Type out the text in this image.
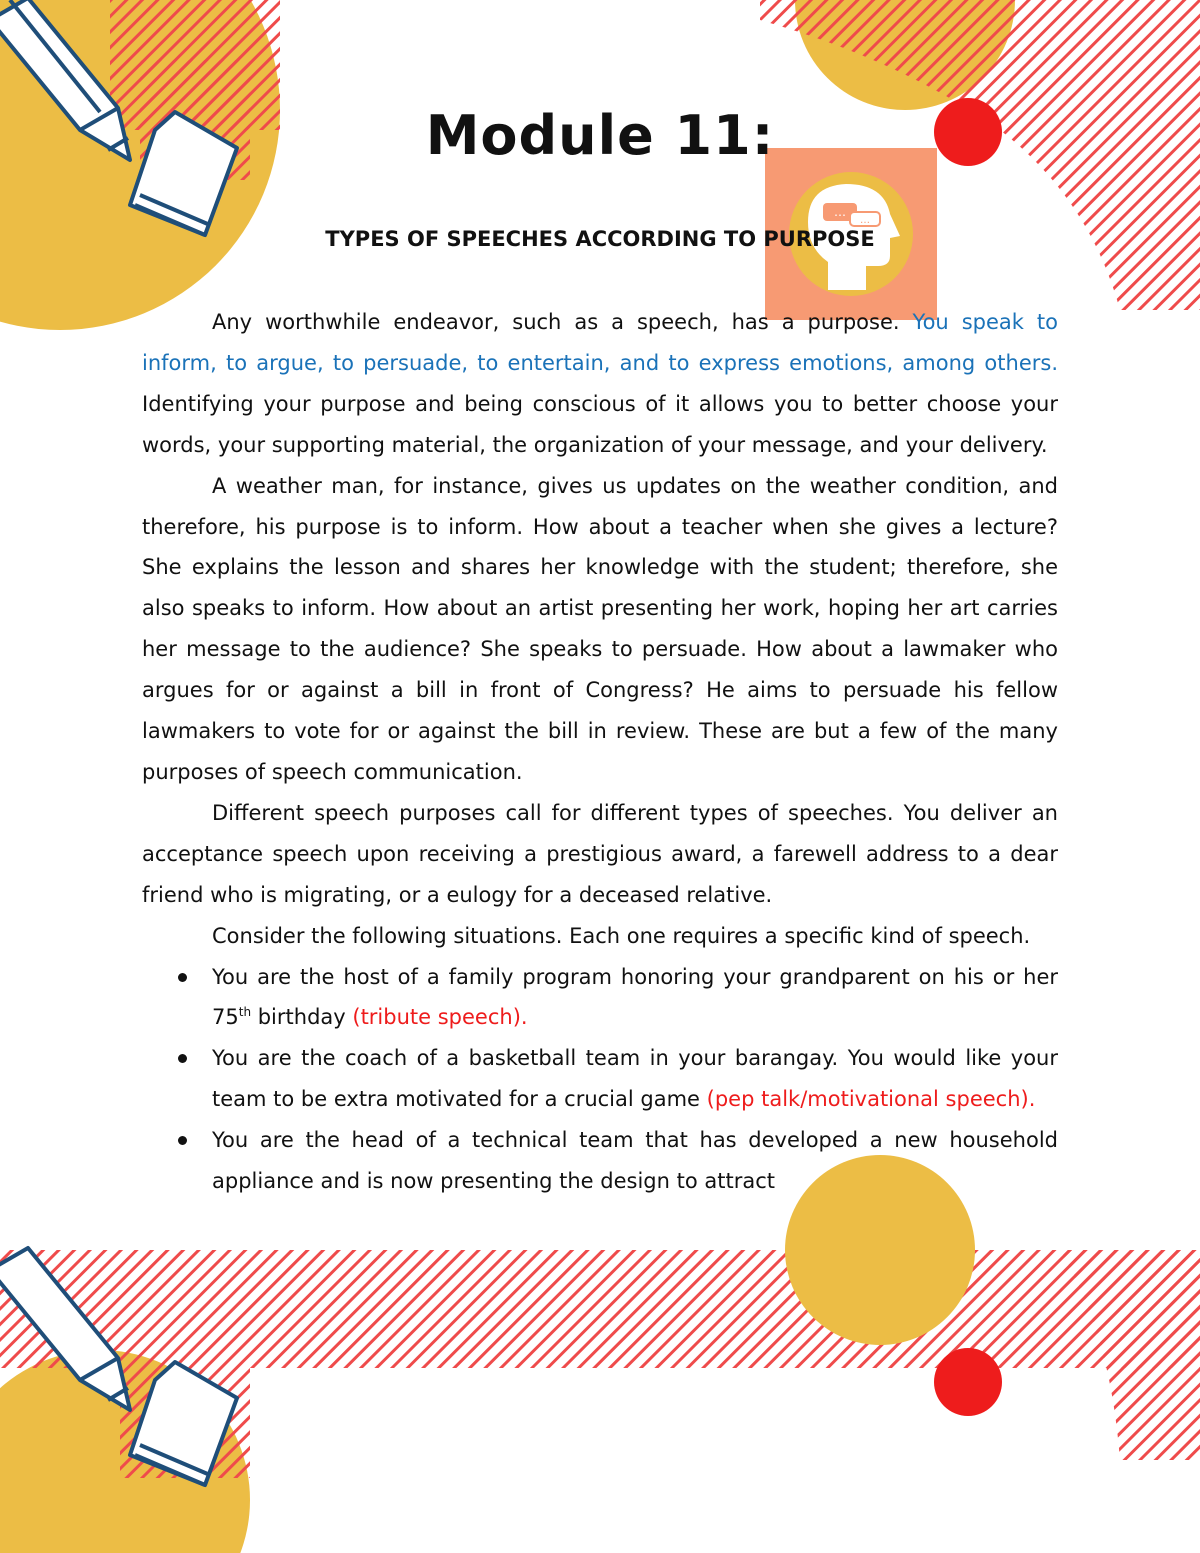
…
…
Module 11:
TYPES OF SPEECHES ACCORDING TO PURPOSE

Any worthwhile endeavor, such as a speech, has a purpose. You speak to inform, to argue, to persuade, to entertain, and to express emotions, among others. Identifying your purpose and being conscious of it allows you to better choose your words, your supporting material, the organization of your message, and your delivery.

A weather man, for instance, gives us updates on the weather condition, and therefore, his purpose is to inform. How about a teacher when she gives a lecture? She explains the lesson and shares her knowledge with the student; therefore, she also speaks to inform. How about an artist presenting her work, hoping her art carries her message to the audience? She speaks to persuade. How about a lawmaker who argues for or against a bill in front of Congress? He aims to persuade his fellow lawmakers to vote for or against the bill in review. These are but a few of the many purposes of speech communication.

Different speech purposes call for different types of speeches. You deliver an acceptance speech upon receiving a prestigious award, a farewell address to a dear friend who is migrating, or a eulogy for a deceased relative.

Consider the following situations. Each one requires a specific kind of speech.

You are the host of a family program honoring your grandparent on his or her 75th birthday (tribute speech).
You are the coach of a basketball team in your barangay. You would like your team to be extra motivated for a crucial game (pep talk/motivational speech).
You are the head of a technical team that has developed a new household appliance and is now presenting the design to attract
